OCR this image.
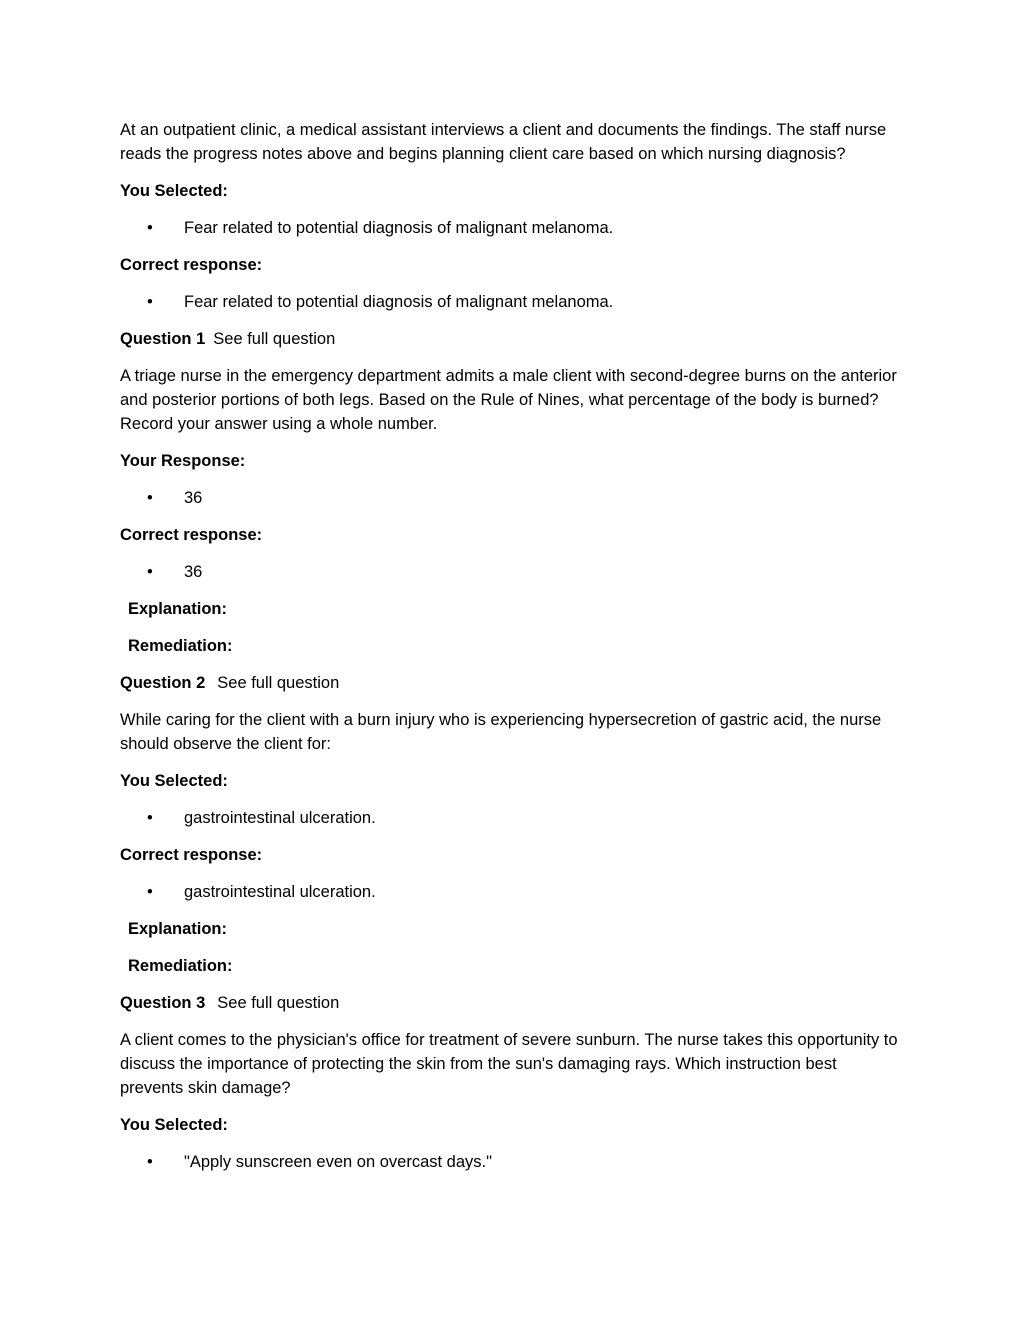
At an outpatient clinic, a medical assistant interviews a client and documents the findings. The staff nurse reads the progress notes above and begins planning client care based on which nursing diagnosis?

You Selected:
• Fear related to potential diagnosis of malignant melanoma.
Correct response:
• Fear related to potential diagnosis of malignant melanoma.
Question 1 See full question

A triage nurse in the emergency department admits a male client with second-degree burns on the anterior and posterior portions of both legs. Based on the Rule of Nines, what percentage of the body is burned? Record your answer using a whole number.

Your Response:
• 36
Correct response:
• 36
Explanation:
Remediation:
Question 2 See full question

While caring for the client with a burn injury who is experiencing hypersecretion of gastric acid, the nurse should observe the client for:

You Selected:
• gastrointestinal ulceration.
Correct response:
• gastrointestinal ulceration.
Explanation:
Remediation:
Question 3 See full question

A client comes to the physician's office for treatment of severe sunburn. The nurse takes this opportunity to discuss the importance of protecting the skin from the sun's damaging rays. Which instruction best prevents skin damage?

You Selected:
• "Apply sunscreen even on overcast days."
